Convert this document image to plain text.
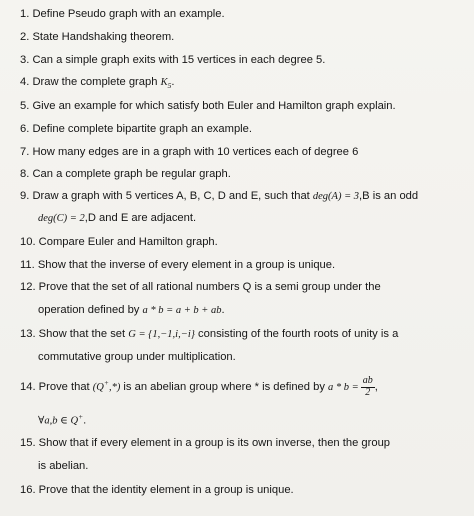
1. Define Pseudo graph with an example.
2. State Handshaking theorem.
3. Can a simple graph exits with 15 vertices in each degree 5.
4. Draw the complete graph $K_5$.
5. Give an example for which satisfy both Euler and Hamilton graph explain.
6. Define complete bipartite graph an example.
7. How many edges are in a graph with 10 vertices each of degree 6
8. Can a complete graph be regular graph.
9. Draw a graph with 5 vertices A, B, C, D and E, such that deg(A) = 3,B is an odd
deg(C) = 2,D and E are adjacent.
10. Compare Euler and Hamilton graph.
11. Show that the inverse of every element in a group is unique.
12. Prove that the set of all rational numbers Q is a semi group under the
operation defined by a * b = a + b + ab.
13. Show that the set G = {1,−1,i,−i} consisting of the fourth roots of unity is a
commutative group under multiplication.
14. Prove that (Q+,*) is an abelian group where * is defined by $a * b = \frac{ab}{2}$ ,
∀a,b ∈ Q+.
15. Show that if every element in a group is its own inverse, then the group
is abelian.
16. Prove that the identity element in a group is unique.
